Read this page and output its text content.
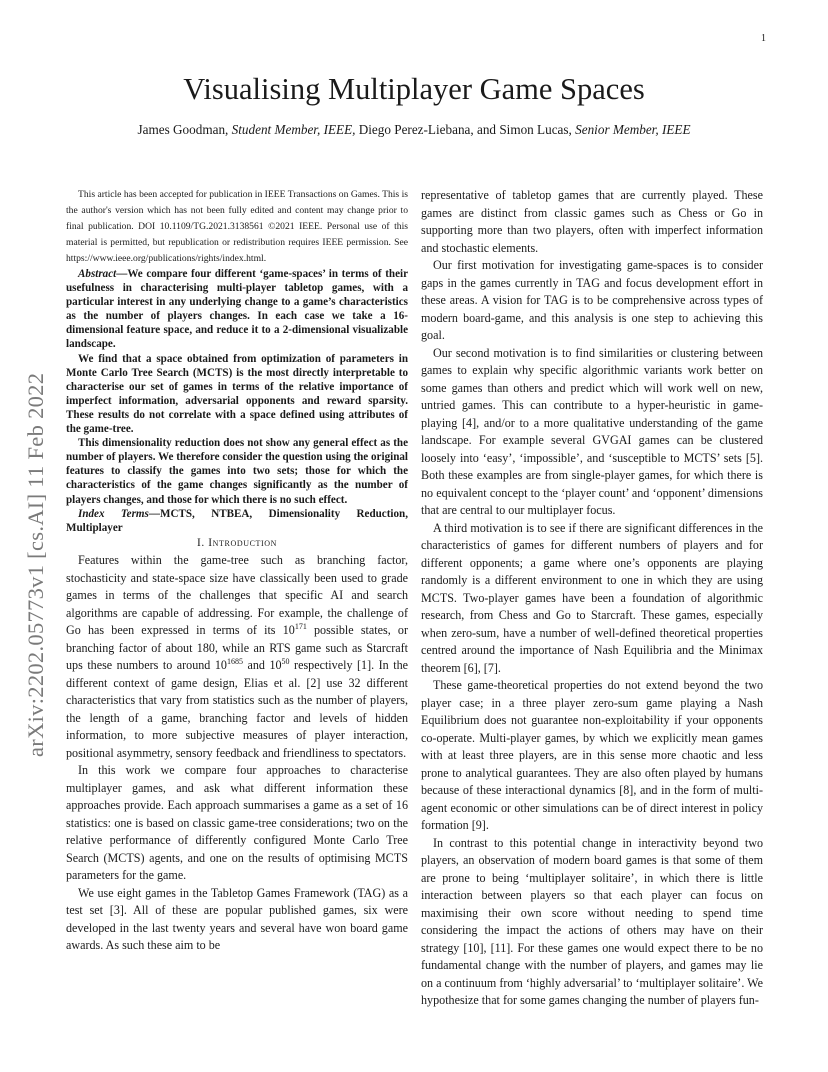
1
arXiv:2202.05773v1 [cs.AI] 11 Feb 2022
Visualising Multiplayer Game Spaces
James Goodman, Student Member, IEEE, Diego Perez-Liebana, and Simon Lucas, Senior Member, IEEE

This article has been accepted for publication in IEEE Transactions on Games. This is the author's version which has not been fully edited and content may change prior to final publication. DOI 10.1109/TG.2021.3138561 ©2021 IEEE. Personal use of this material is permitted, but republication or redistribution requires IEEE permission. See https://www.ieee.org/publications/rights/index.html.

Abstract—We compare four different ‘game-spaces’ in terms of their usefulness in characterising multi-player tabletop games, with a particular interest in any underlying change to a game’s characteristics as the number of players changes. In each case we take a 16-dimensional feature space, and reduce it to a 2-dimensional visualizable landscape.

We find that a space obtained from optimization of parameters in Monte Carlo Tree Search (MCTS) is the most directly interpretable to characterise our set of games in terms of the relative importance of imperfect information, adversarial opponents and reward sparsity. These results do not correlate with a space defined using attributes of the game-tree.

This dimensionality reduction does not show any general effect as the number of players. We therefore consider the question using the original features to classify the games into two sets; those for which the characteristics of the game changes significantly as the number of players changes, and those for which there is no such effect.

Index Terms—MCTS, NTBEA, Dimensionality Reduction, Multiplayer

I. Introduction

Features within the game-tree such as branching factor, stochasticity and state-space size have classically been used to grade games in terms of the challenges that specific AI and search algorithms are capable of addressing. For example, the challenge of Go has been expressed in terms of its $10^{171}$ possible states, or branching factor of about 180, while an RTS game such as Starcraft ups these numbers to around $10^{1685}$ and $10^{50}$ respectively [1]. In the different context of game design, Elias et al. [2] use 32 different characteristics that vary from statistics such as the number of players, the length of a game, branching factor and levels of hidden information, to more subjective measures of player interaction, positional asymmetry, sensory feedback and friendliness to spectators.

In this work we compare four approaches to characterise multiplayer games, and ask what different information these approaches provide. Each approach summarises a game as a set of 16 statistics: one is based on classic game-tree considerations; two on the relative performance of differently configured Monte Carlo Tree Search (MCTS) agents, and one on the results of optimising MCTS parameters for the game.

We use eight games in the Tabletop Games Framework (TAG) as a test set [3]. All of these are popular published games, six were developed in the last twenty years and several have won board game awards. As such these aim to be

representative of tabletop games that are currently played. These games are distinct from classic games such as Chess or Go in supporting more than two players, often with imperfect information and stochastic elements.

Our first motivation for investigating game-spaces is to consider gaps in the games currently in TAG and focus development effort in these areas. A vision for TAG is to be comprehensive across types of modern board-game, and this analysis is one step to achieving this goal.

Our second motivation is to find similarities or clustering between games to explain why specific algorithmic variants work better on some games than others and predict which will work well on new, untried games. This can contribute to a hyper-heuristic in game-playing [4], and/or to a more qualitative understanding of the game landscape. For example several GVGAI games can be clustered loosely into ‘easy’, ‘impossible’, and ‘susceptible to MCTS’ sets [5]. Both these examples are from single-player games, for which there is no equivalent concept to the ‘player count’ and ‘opponent’ dimensions that are central to our multiplayer focus.

A third motivation is to see if there are significant differences in the characteristics of games for different numbers of players and for different opponents; a game where one’s opponents are playing randomly is a different environment to one in which they are using MCTS. Two-player games have been a foundation of algorithmic research, from Chess and Go to Starcraft. These games, especially when zero-sum, have a number of well-defined theoretical properties centred around the importance of Nash Equilibria and the Minimax theorem [6], [7].

These game-theoretical properties do not extend beyond the two player case; in a three player zero-sum game playing a Nash Equilibrium does not guarantee non-exploitability if your opponents co-operate. Multi-player games, by which we explicitly mean games with at least three players, are in this sense more chaotic and less prone to analytical guarantees. They are also often played by humans because of these interactional dynamics [8], and in the form of multi-agent economic or other simulations can be of direct interest in policy formation [9].

In contrast to this potential change in interactivity beyond two players, an observation of modern board games is that some of them are prone to being ‘multiplayer solitaire’, in which there is little interaction between players so that each player can focus on maximising their own score without needing to spend time considering the impact the actions of others may have on their strategy [10], [11]. For these games one would expect there to be no fundamental change with the number of players, and games may lie on a continuum from ‘highly adversarial’ to ‘multiplayer solitaire’. We hypothesize that for some games changing the number of players fun-
